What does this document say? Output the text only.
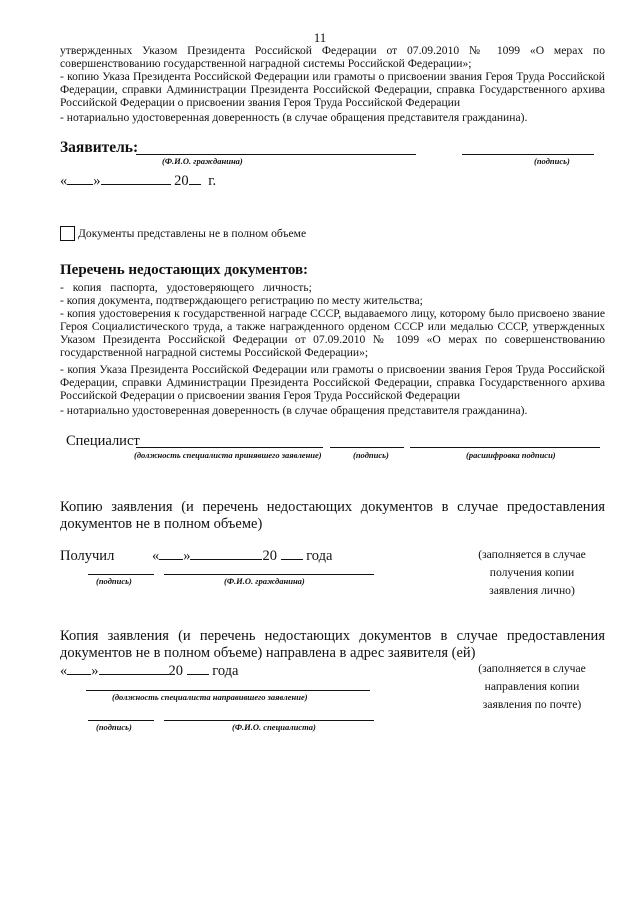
11
утвержденных Указом Президента Российской Федерации от 07.09.2010 № 1099 «О мерах по совершенствованию государственной наградной системы Российской Федерации»;
- копию Указа Президента Российской Федерации или грамоты о присвоении звания Героя Труда Российской Федерации, справки Администрации Президента Российской Федерации, справка Государственного архива Российской Федерации о присвоении звания Героя Труда Российской Федерации
- нотариально удостоверенная доверенность (в случае обращения представителя гражданина).
Заявитель:
(Ф.И.О. гражданина)	(подпись)
« »	20 г.
Документы представлены не в полном объеме
Перечень недостающих документов:
- копия паспорта, удостоверяющего личность;
- копия документа, подтверждающего регистрацию по месту жительства;
- копия удостоверения к государственной награде СССР, выдаваемого лицу, которому было присвоено звание Героя Социалистического труда, а также награжденного орденом СССР или медалью СССР, утвержденных Указом Президента Российской Федерации от 07.09.2010 № 1099 «О мерах по совершенствованию государственной наградной системы Российской Федерации»;
- копия Указа Президента Российской Федерации или грамоты о присвоении звания Героя Труда Российской Федерации, справки Администрации Президента Российской Федерации, справка Государственного архива Российской Федерации о присвоении звания Героя Труда Российской Федерации
- нотариально удостоверенная доверенность (в случае обращения представителя гражданина).
Специалист
(должность специалиста принявшего заявление)	(подпись)	(расшифровка подписи)
Копию заявления (и перечень недостающих документов в случае предоставления документов не в полном объеме)
Получил	« »	20 года
(подпись)	(Ф.И.О. гражданина)
(заполняется в случае
получения копии
заявления лично)
Копия заявления (и перечень недостающих документов в случае предоставления документов не в полном объеме) направлена в адрес заявителя (ей)
« »	20 года
(должность специалиста направившего заявление)
(подпись)	(Ф.И.О. специалиста)
(заполняется в случае
направления копии
заявления по почте)
